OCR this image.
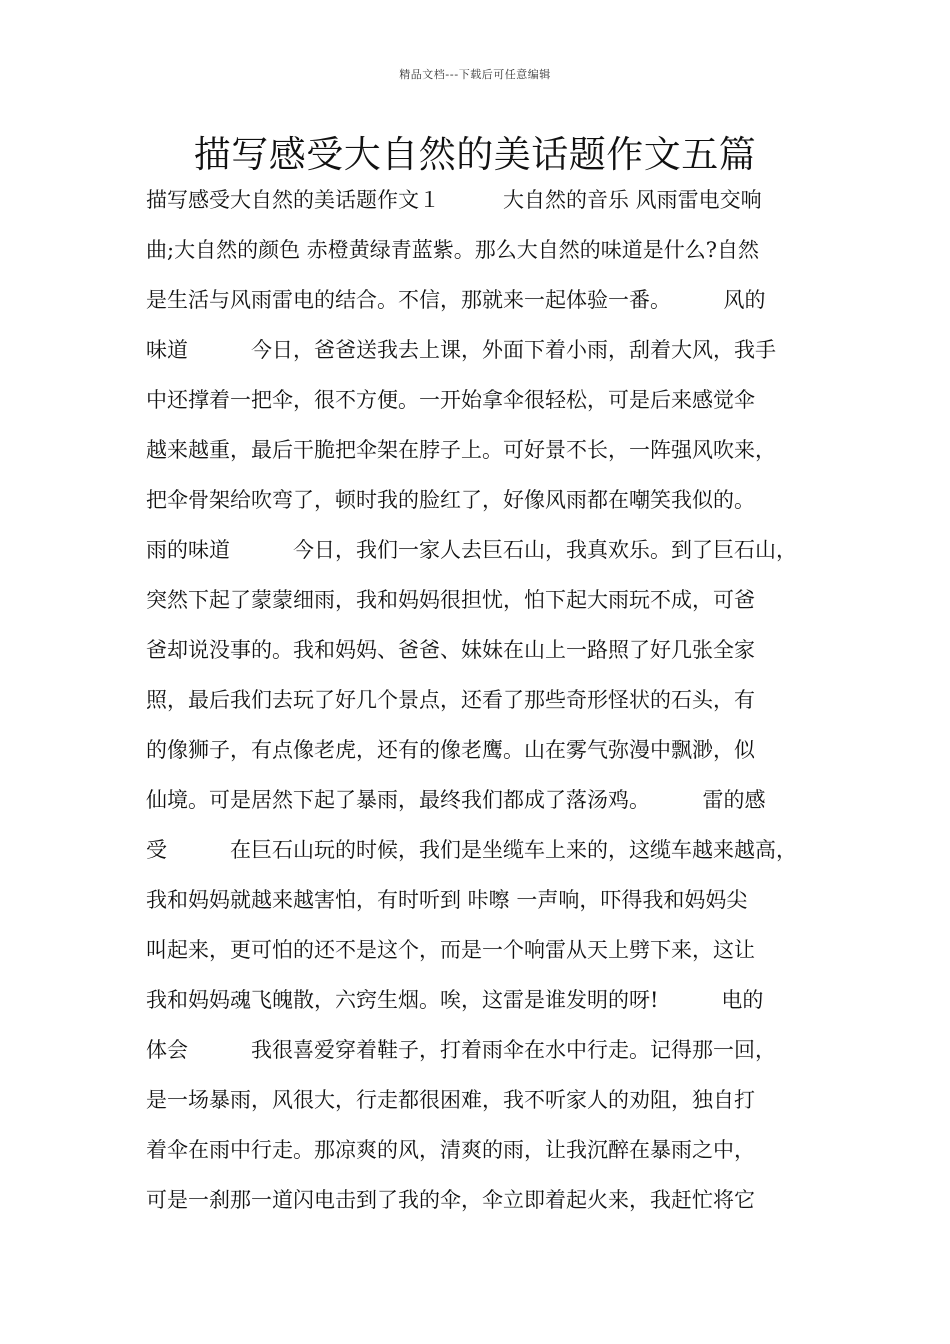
精品文档---下载后可任意编辑
描写感受大自然的美话题作文五篇
描写感受大自然的美话题作文１　　　大自然的音乐 风雨雷电交响
曲;大自然的颜色 赤橙黄绿青蓝紫。那么大自然的味道是什么?自然
是生活与风雨雷电的结合。不信，那就来一起体验一番。　　　风的
味道　　　今日，爸爸送我去上课，外面下着小雨，刮着大风，我手
中还撑着一把伞，很不方便。一开始拿伞很轻松，可是后来感觉伞
越来越重，最后干脆把伞架在脖子上。可好景不长，一阵强风吹来，
把伞骨架给吹弯了，顿时我的脸红了，好像风雨都在嘲笑我似的。
雨的味道　　　今日，我们一家人去巨石山，我真欢乐。到了巨石山，
突然下起了蒙蒙细雨，我和妈妈很担忧，怕下起大雨玩不成，可爸
爸却说没事的。我和妈妈、爸爸、妹妹在山上一路照了好几张全家
照，最后我们去玩了好几个景点，还看了那些奇形怪状的石头，有
的像狮子，有点像老虎，还有的像老鹰。山在雾气弥漫中飘渺，似
仙境。可是居然下起了暴雨，最终我们都成了落汤鸡。　　　雷的感
受　　　在巨石山玩的时候，我们是坐缆车上来的，这缆车越来越高，
我和妈妈就越来越害怕，有时听到 咔嚓 一声响，吓得我和妈妈尖
叫起来，更可怕的还不是这个，而是一个响雷从天上劈下来，这让
我和妈妈魂飞魄散，六窍生烟。唉，这雷是谁发明的呀!　　　电的
体会　　　我很喜爱穿着鞋子，打着雨伞在水中行走。记得那一回，
是一场暴雨，风很大，行走都很困难，我不听家人的劝阻，独自打
着伞在雨中行走。那凉爽的风，清爽的雨，让我沉醉在暴雨之中，
可是一刹那一道闪电击到了我的伞，伞立即着起火来，我赶忙将它
